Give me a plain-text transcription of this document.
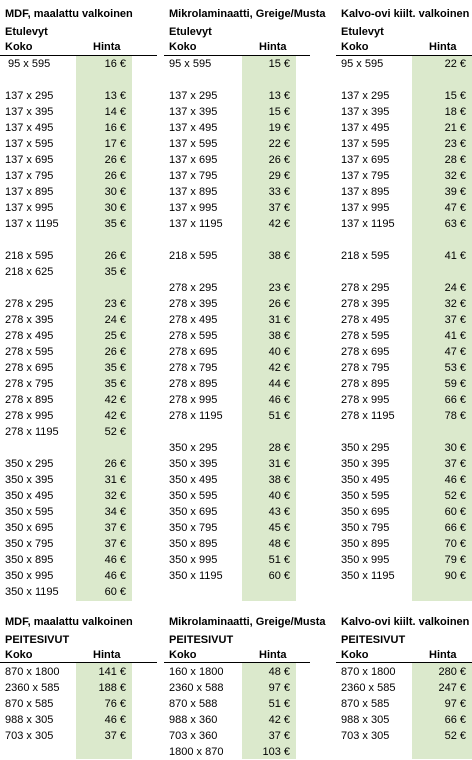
MDF, maalattu valkoinen
Etulevyt
Koko	Hinta
95 x 595	16 €
137 x 295	13 €
137 x 395	14 €
137 x 495	16 €
137 x 595	17 €
137 x 695	26 €
137 x 795	26 €
137 x 895	30 €
137 x 995	30 €
137 x 1195	35 €
218 x 595	26 €
218 x 625	35 €
278 x 295	23 €
278 x 395	24 €
278 x 495	25 €
278 x 595	26 €
278 x 695	35 €
278 x 795	35 €
278 x 895	42 €
278 x 995	42 €
278 x 1195	52 €
350 x 295	26 €
350 x 395	31 €
350 x 495	32 €
350 x 595	34 €
350 x 695	37 €
350 x 795	37 €
350 x 895	46 €
350 x 995	46 €
350 x 1195	60 €
MDF, maalattu valkoinen
PEITESIVUT
Koko	Hinta
870 x 1800	141 €
2360 x 585	188 €
870 x 585	76 €
988 x 305	46 €
703 x 305	37 €
Mikrolaminaatti, Greige/Musta
Etulevyt
Koko	Hinta
95 x 595	15 €
137 x 295	13 €
137 x 395	15 €
137 x 495	19 €
137 x 595	22 €
137 x 695	26 €
137 x 795	29 €
137 x 895	33 €
137 x 995	37 €
137 x 1195	42 €
218 x 595	38 €
278 x 295	23 €
278 x 395	26 €
278 x 495	31 €
278 x 595	38 €
278 x 695	40 €
278 x 795	42 €
278 x 895	44 €
278 x 995	46 €
278 x 1195	51 €
350 x 295	28 €
350 x 395	31 €
350 x 495	38 €
350 x 595	40 €
350 x 695	43 €
350 x 795	45 €
350 x 895	48 €
350 x 995	51 €
350 x 1195	60 €
Mikrolaminaatti, Greige/Musta
PEITESIVUT
Koko	Hinta
160 x 1800	48 €
2360 x 588	97 €
870 x 588	51 €
988 x 360	42 €
703 x 360	37 €
1800 x 870	103 €
Kalvo-ovi kiilt. valkoinen
Etulevyt
Koko	Hinta
95 x 595	22 €
137 x 295	15 €
137 x 395	18 €
137 x 495	21 €
137 x 595	23 €
137 x 695	28 €
137 x 795	32 €
137 x 895	39 €
137 x 995	47 €
137 x 1195	63 €
218 x 595	41 €
278 x 295	24 €
278 x 395	32 €
278 x 495	37 €
278 x 595	41 €
278 x 695	47 €
278 x 795	53 €
278 x 895	59 €
278 x 995	66 €
278 x 1195	78 €
350 x 295	30 €
350 x 395	37 €
350 x 495	46 €
350 x 595	52 €
350 x 695	60 €
350 x 795	66 €
350 x 895	70 €
350 x 995	79 €
350 x 1195	90 €
Kalvo-ovi kiilt. valkoinen
PEITESIVUT
Koko	Hinta
870 x 1800	280 €
2360 x 585	247 €
870 x 585	97 €
988 x 305	66 €
703 x 305	52 €
